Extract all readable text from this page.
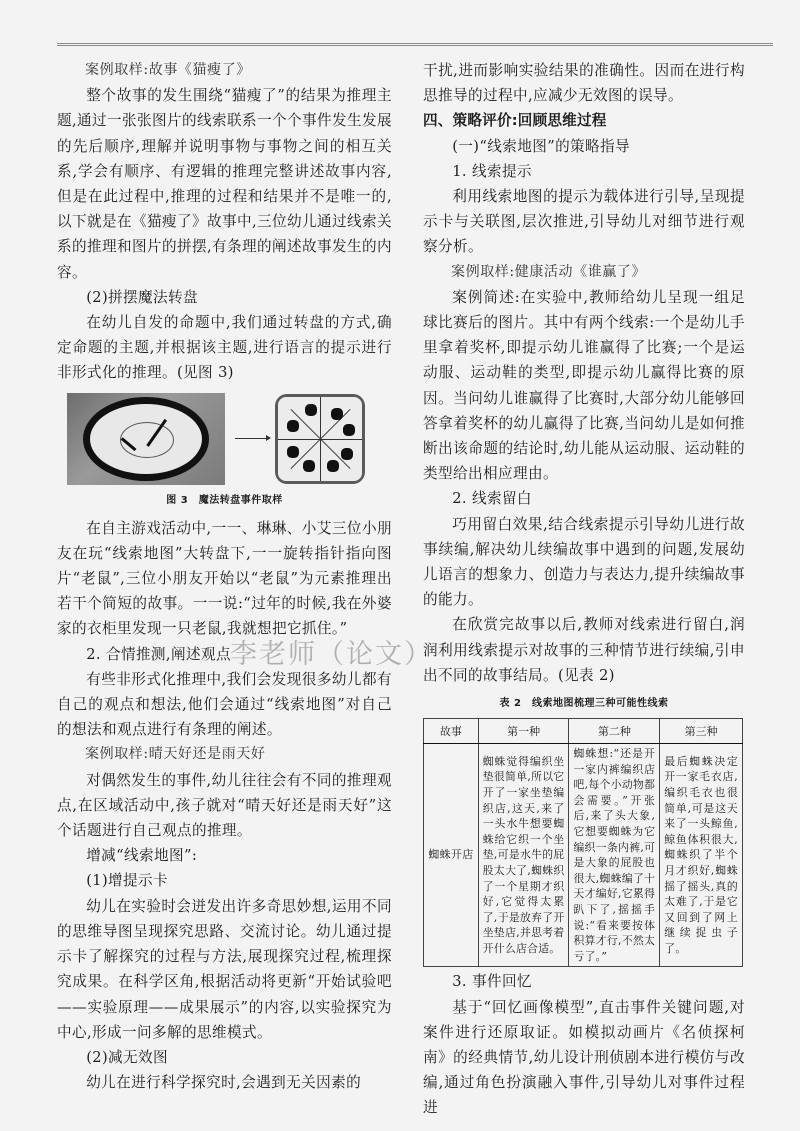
案例取样:故事《猫瘦了》

整个故事的发生围绕“猫瘦了”的结果为推理主题,通过一张张图片的线索联系一个个事件发生发展的先后顺序,理解并说明事物与事物之间的相互关系,学会有顺序、有逻辑的推理完整讲述故事内容,但是在此过程中,推理的过程和结果并不是唯一的,以下就是在《猫瘦了》故事中,三位幼儿通过线索关系的推理和图片的拼摆,有条理的阐述故事发生的内容。

(2)拼摆魔法转盘

在幼儿自发的命题中,我们通过转盘的方式,确定命题的主题,并根据该主题,进行语言的提示进行非形式化的推理。(见图 3)

图 3　魔法转盘事件取样

在自主游戏活动中,一一、琳琳、小艾三位小朋友在玩“线索地图”大转盘下,一一旋转指针指向图片“老鼠”,三位小朋友开始以“老鼠”为元素推理出若干个简短的故事。一一说:“过年的时候,我在外婆家的衣柜里发现一只老鼠,我就想把它抓住。”

2. 合情推测,阐述观点

有些非形式化推理中,我们会发现很多幼儿都有自己的观点和想法,他们会通过“线索地图”对自己的想法和观点进行有条理的阐述。

案例取样:晴天好还是雨天好

对偶然发生的事件,幼儿往往会有不同的推理观点,在区域活动中,孩子就对“晴天好还是雨天好”这个话题进行自己观点的推理。

增减“线索地图”:

(1)增提示卡

幼儿在实验时会迸发出许多奇思妙想,运用不同的思维导图呈现探究思路、交流讨论。幼儿通过提示卡了解探究的过程与方法,展现探究过程,梳理探究成果。在科学区角,根据活动将更新“开始试验吧——实验原理——成果展示”的内容,以实验探究为中心,形成一问多解的思维模式。

(2)减无效图

幼儿在进行科学探究时,会遇到无关因素的

干扰,进而影响实验结果的准确性。因而在进行构思推导的过程中,应减少无效图的误导。

四、策略评价:回顾思维过程

(一)“线索地图”的策略指导

1. 线索提示

利用线索地图的提示为载体进行引导,呈现提示卡与关联图,层次推进,引导幼儿对细节进行观察分析。

案例取样:健康活动《谁赢了》

案例简述:在实验中,教师给幼儿呈现一组足球比赛后的图片。其中有两个线索:一个是幼儿手里拿着奖杯,即提示幼儿谁赢得了比赛;一个是运动服、运动鞋的类型,即提示幼儿赢得比赛的原因。当问幼儿谁赢得了比赛时,大部分幼儿能够回答拿着奖杯的幼儿赢得了比赛,当问幼儿是如何推断出该命题的结论时,幼儿能从运动服、运动鞋的类型给出相应理由。

2. 线索留白

巧用留白效果,结合线索提示引导幼儿进行故事续编,解决幼儿续编故事中遇到的问题,发展幼儿语言的想象力、创造力与表达力,提升续编故事的能力。

在欣赏完故事以后,教师对线索进行留白,润润利用线索提示对故事的三种情节进行续编,引申出不同的故事结局。(见表 2)

表 2　线索地图梳理三种可能性线索

故事	第一种	第二种	第三种
蜘蛛开店	蜘蛛觉得编织坐垫很简单,所以它开了一家坐垫编织店,这天,来了一头水牛想要蜘蛛给它织一个坐垫,可是水牛的屁股太大了,蜘蛛织了一个星期才织好,它觉得太累了,于是放弃了开坐垫店,并思考着开什么店合适。	蜘蛛想:“还是开一家内裤编织店吧,每个小动物都会需要。”开张后,来了头大象,它想要蜘蛛为它编织一条内裤,可是大象的屁股也很大,蜘蛛编了十天才编好,它累得趴下了,摇摇手说:“看来要按体积算才行,不然太亏了。”	最后蜘蛛决定开一家毛衣店,编织毛衣也很简单,可是这天来了一头鲸鱼,鲸鱼体积很大,蜘蛛织了半个月才织好,蜘蛛摇了摇头,真的太难了,于是它又回到了网上继续捉虫子了。

3. 事件回忆

基于“回忆画像模型”,直击事件关键问题,对案件进行还原取证。如模拟动画片《名侦探柯南》的经典情节,幼儿设计刑侦剧本进行模仿与改编,通过角色扮演融入事件,引导幼儿对事件过程进

李老师（论文）
